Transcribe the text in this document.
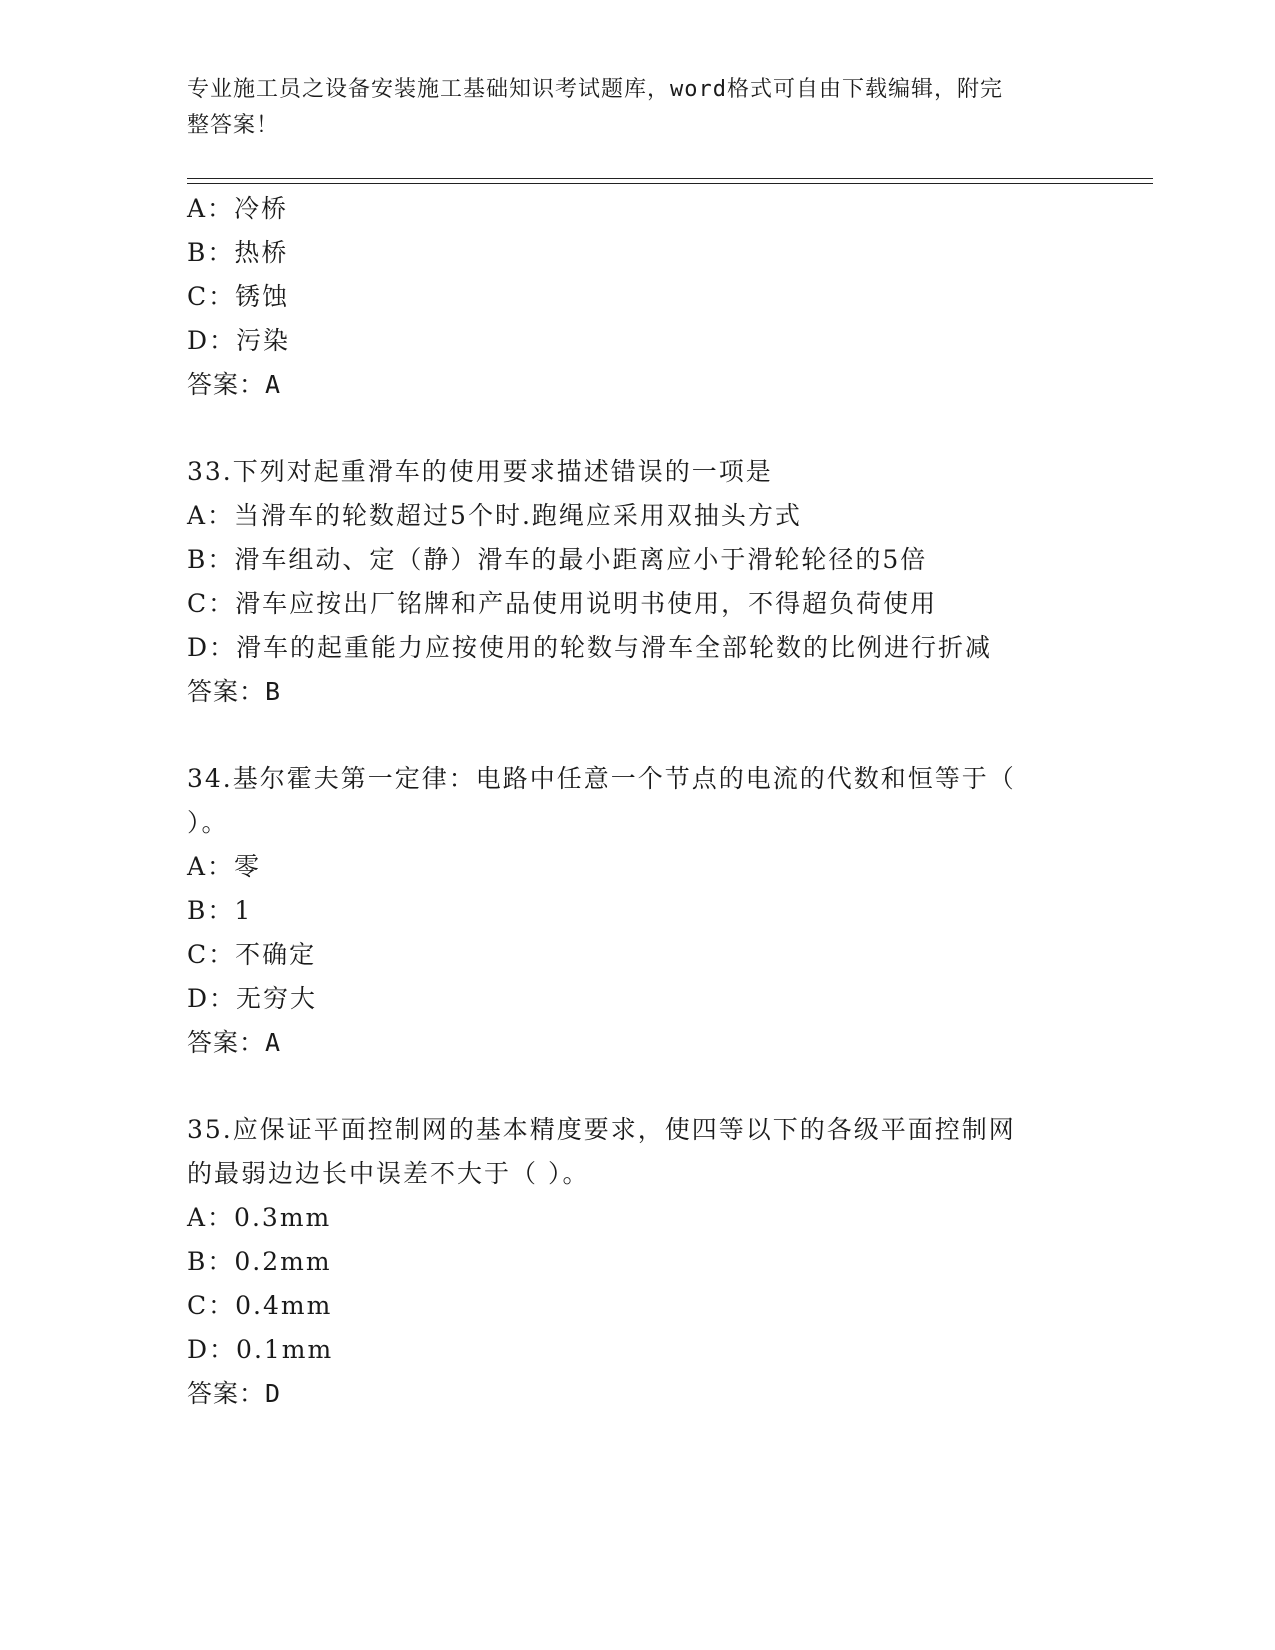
专业施工员之设备安装施工基础知识考试题库，word格式可自由下载编辑，附完
整答案！
A：冷桥
B：热桥
C：锈蚀
D：污染
答案：A
33.下列对起重滑车的使用要求描述错误的一项是
A：当滑车的轮数超过5个时.跑绳应采用双抽头方式
B：滑车组动、定（静）滑车的最小距离应小于滑轮轮径的5倍
C：滑车应按出厂铭牌和产品使用说明书使用，不得超负荷使用
D：滑车的起重能力应按使用的轮数与滑车全部轮数的比例进行折减
答案：B
34.基尔霍夫第一定律：电路中任意一个节点的电流的代数和恒等于（
）。
A：零
B：1
C：不确定
D：无穷大
答案：A
35.应保证平面控制网的基本精度要求，使四等以下的各级平面控制网
的最弱边边长中误差不大于（ ）。
A：0.3mm
B：0.2mm
C：0.4mm
D：0.1mm
答案：D
